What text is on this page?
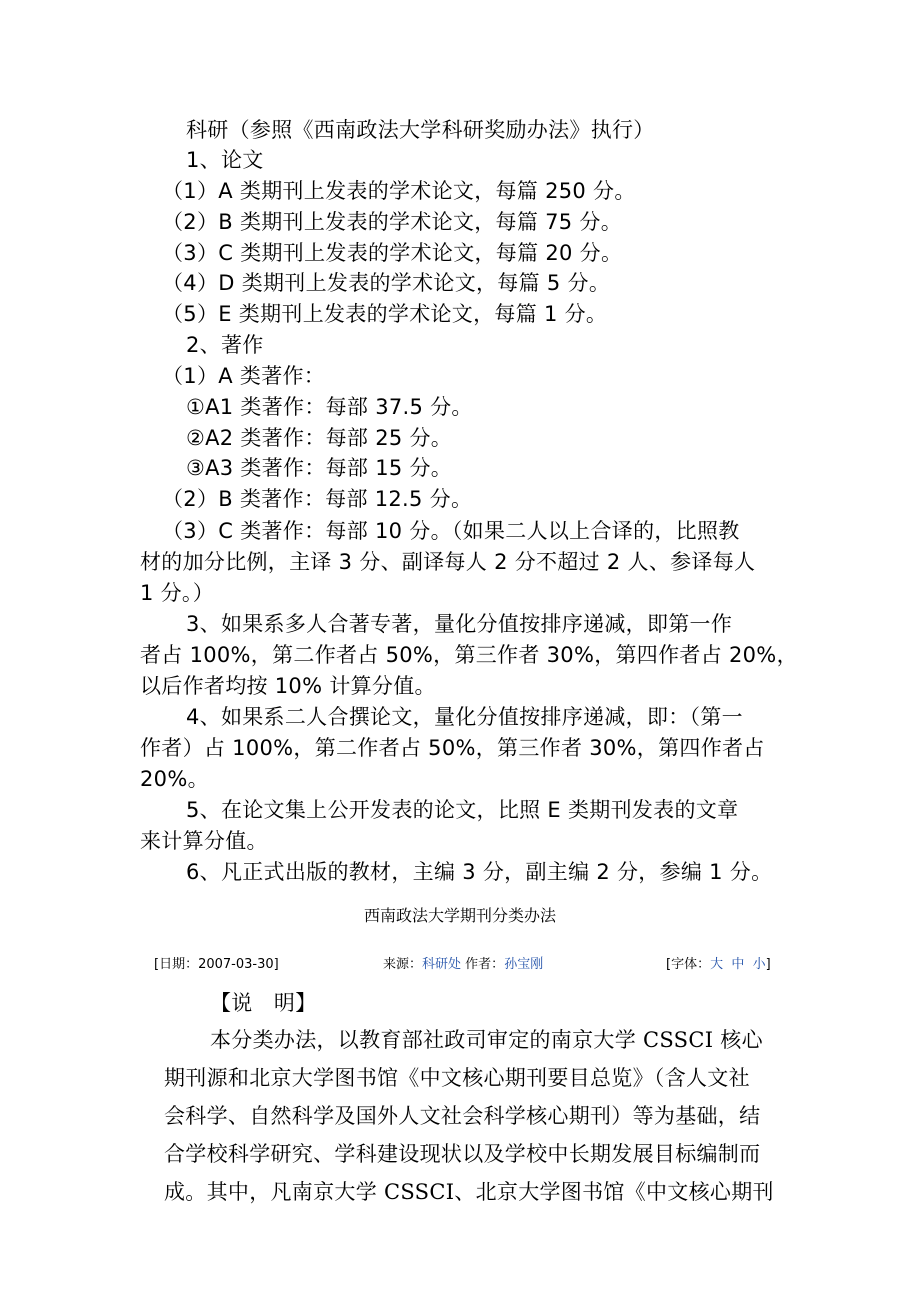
科研（参照《西南政法大学科研奖励办法》执行）
1、论文
（1）A 类期刊上发表的学术论文，每篇 250 分。
（2）B 类期刊上发表的学术论文，每篇 75 分。
（3）C 类期刊上发表的学术论文，每篇 20 分。
（4）D 类期刊上发表的学术论文，每篇 5 分。
（5）E 类期刊上发表的学术论文，每篇 1 分。
2、著作
（1）A 类著作：
①A1 类著作：每部 37.5 分。
②A2 类著作：每部 25 分。
③A3 类著作：每部 15 分。
（2）B 类著作：每部 12.5 分。
（3）C 类著作：每部 10 分。（如果二人以上合译的，比照教
材的加分比例，主译 3 分、副译每人 2 分不超过 2 人、参译每人
1 分。）
3、如果系多人合著专著，量化分值按排序递减，即第一作
者占 100%，第二作者占 50%，第三作者 30%，第四作者占 20%，
以后作者均按 10% 计算分值。
4、如果系二人合撰论文，量化分值按排序递减，即：（第一
作者）占 100%，第二作者占 50%，第三作者 30%，第四作者占
20%。
5、在论文集上公开发表的论文，比照 E 类期刊发表的文章
来计算分值。
6、凡正式出版的教材，主编 3 分，副主编 2 分，参编 1 分。
西南政法大学期刊分类办法
[日期：2007-03-30]	来源：科研处 作者：孙宝刚	[字体：大 中 小]
【说　明】
本分类办法，以教育部社政司审定的南京大学 CSSCI 核心
期刊源和北京大学图书馆《中文核心期刊要目总览》（含人文社
会科学、自然科学及国外人文社会科学核心期刊）等为基础，结
合学校科学研究、学科建设现状以及学校中长期发展目标编制而
成。其中，凡南京大学 CSSCI、北京大学图书馆《中文核心期刊
